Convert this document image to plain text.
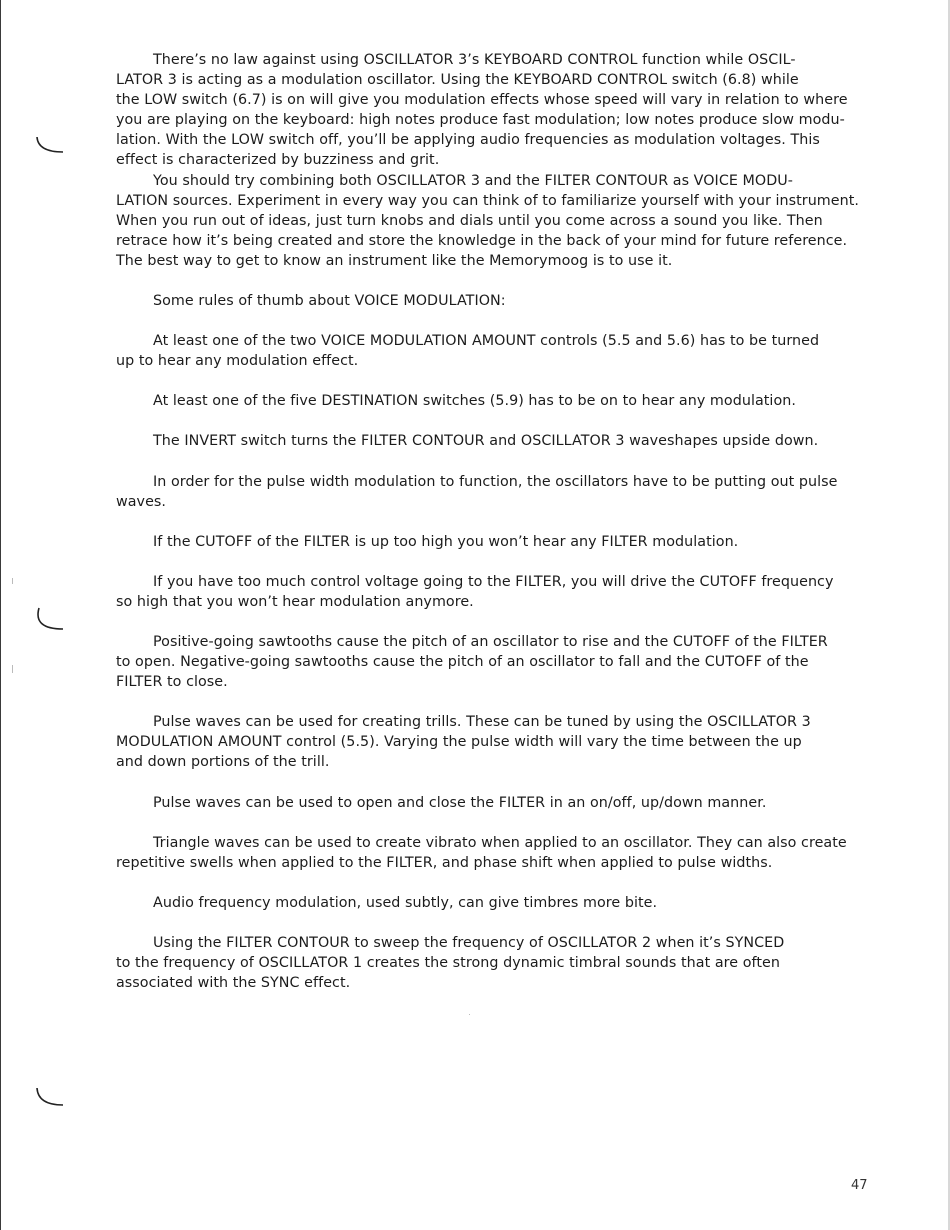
There’s no law against using OSCILLATOR 3’s KEYBOARD CONTROL function while OSCIL-
LATOR 3 is acting as a modulation oscillator. Using the KEYBOARD CONTROL switch (6.8) while
the LOW switch (6.7) is on will give you modulation effects whose speed will vary in relation to where
you are playing on the keyboard: high notes produce fast modulation; low notes produce slow modu-
lation. With the LOW switch off, you’ll be applying audio frequencies as modulation voltages. This
effect is characterized by buzziness and grit.

You should try combining both OSCILLATOR 3 and the FILTER CONTOUR as VOICE MODU-
LATION sources. Experiment in every way you can think of to familiarize yourself with your instrument.
When you run out of ideas, just turn knobs and dials until you come across a sound you like. Then
retrace how it’s being created and store the knowledge in the back of your mind for future reference.
The best way to get to know an instrument like the Memorymoog is to use it.

Some rules of thumb about VOICE MODULATION:

At least one of the two VOICE MODULATION AMOUNT controls (5.5 and 5.6) has to be turned
up to hear any modulation effect.

At least one of the five DESTINATION switches (5.9) has to be on to hear any modulation.

The INVERT switch turns the FILTER CONTOUR and OSCILLATOR 3 waveshapes upside down.

In order for the pulse width modulation to function, the oscillators have to be putting out pulse
waves.

If the CUTOFF of the FILTER is up too high you won’t hear any FILTER modulation.

If you have too much control voltage going to the FILTER, you will drive the CUTOFF frequency
so high that you won’t hear modulation anymore.

Positive-going sawtooths cause the pitch of an oscillator to rise and the CUTOFF of the FILTER
to open. Negative-going sawtooths cause the pitch of an oscillator to fall and the CUTOFF of the
FILTER to close.

Pulse waves can be used for creating trills. These can be tuned by using the OSCILLATOR 3
MODULATION AMOUNT control (5.5). Varying the pulse width will vary the time between the up
and down portions of the trill.

Pulse waves can be used to open and close the FILTER in an on/off, up/down manner.

Triangle waves can be used to create vibrato when applied to an oscillator. They can also create
repetitive swells when applied to the FILTER, and phase shift when applied to pulse widths.

Audio frequency modulation, used subtly, can give timbres more bite.

Using the FILTER CONTOUR to sweep the frequency of OSCILLATOR 2 when it’s SYNCED
to the frequency of OSCILLATOR 1 creates the strong dynamic timbral sounds that are often
associated with the SYNC effect.

47
